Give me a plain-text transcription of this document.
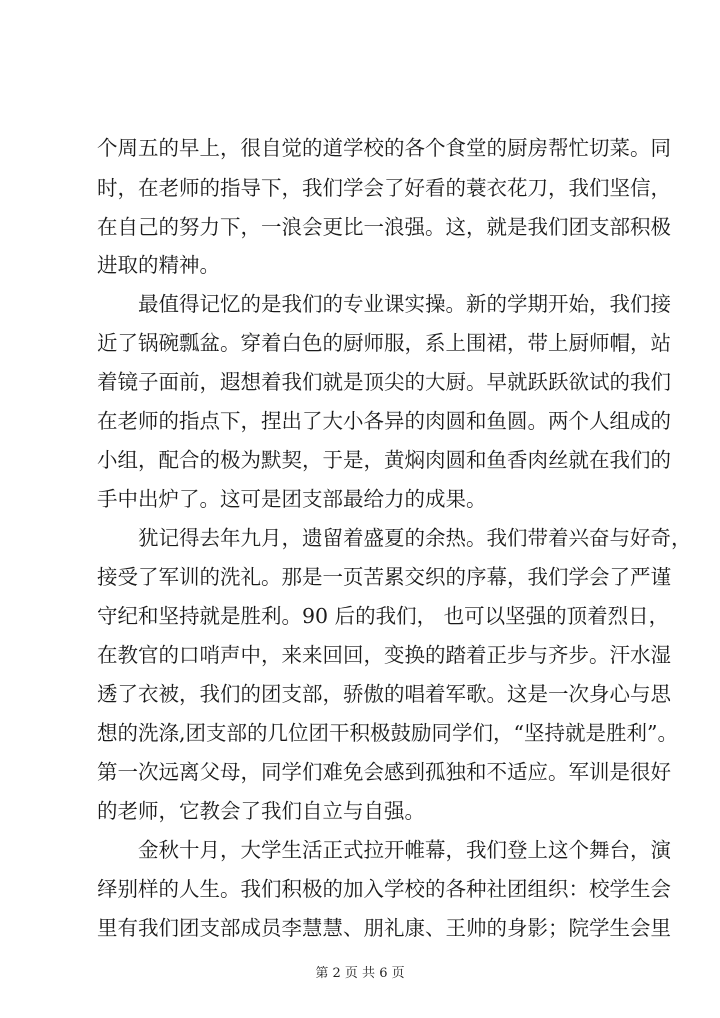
个周五的早上，很自觉的道学校的各个食堂的厨房帮忙切菜。同
时，在老师的指导下，我们学会了好看的蓑衣花刀，我们坚信，
在自己的努力下，一浪会更比一浪强。这，就是我们团支部积极
进取的精神。
最值得记忆的是我们的专业课实操。新的学期开始，我们接
近了锅碗瓢盆。穿着白色的厨师服，系上围裙，带上厨师帽，站
着镜子面前，遐想着我们就是顶尖的大厨。早就跃跃欲试的我们
在老师的指点下，捏出了大小各异的肉圆和鱼圆。两个人组成的
小组，配合的极为默契，于是，黄焖肉圆和鱼香肉丝就在我们的
手中出炉了。这可是团支部最给力的成果。
犹记得去年九月，遗留着盛夏的余热。我们带着兴奋与好奇，
接受了军训的洗礼。那是一页苦累交织的序幕，我们学会了严谨
守纪和坚持就是胜利。90 后的我们， 也可以坚强的顶着烈日，
在教官的口哨声中，来来回回，变换的踏着正步与齐步。汗水湿
透了衣被，我们的团支部，骄傲的唱着军歌。这是一次身心与思
想的洗涤,团支部的几位团干积极鼓励同学们，“坚持就是胜利”。
第一次远离父母，同学们难免会感到孤独和不适应。军训是很好
的老师，它教会了我们自立与自强。
金秋十月，大学生活正式拉开帷幕，我们登上这个舞台，演
绎别样的人生。我们积极的加入学校的各种社团组织：校学生会
里有我们团支部成员李慧慧、朋礼康、王帅的身影；院学生会里
第 2 页 共 6 页
